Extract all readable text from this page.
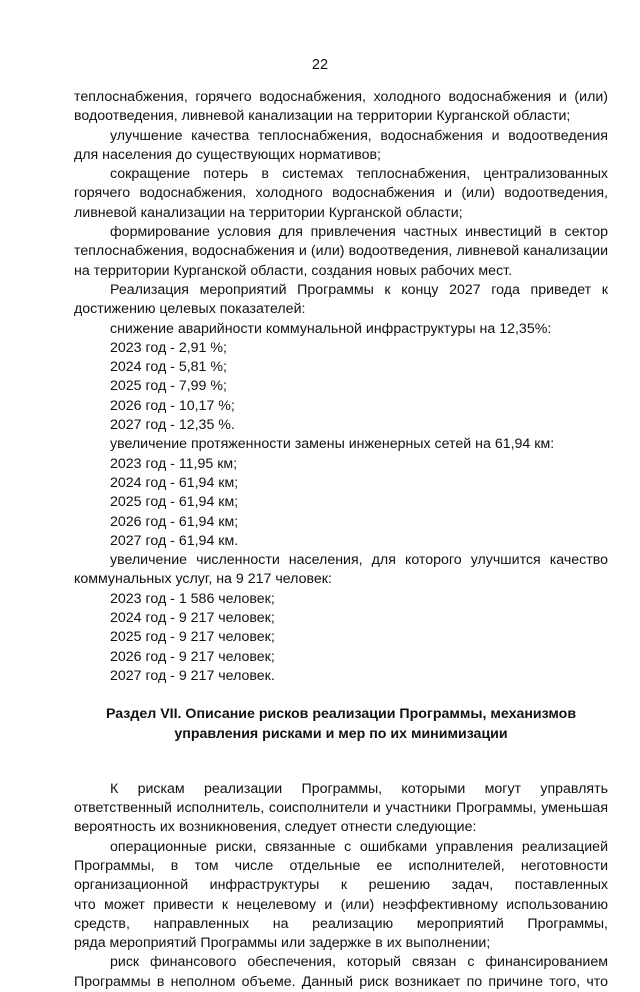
22
теплоснабжения, горячего водоснабжения, холодного водоснабжения и (или)
водоотведения, ливневой канализации на территории Курганской области;
улучшение качества теплоснабжения, водоснабжения и водоотведения
для населения до существующих нормативов;
сокращение потерь в системах теплоснабжения, централизованных
горячего водоснабжения, холодного водоснабжения и (или) водоотведения,
ливневой канализации на территории Курганской области;
формирование условия для привлечения частных инвестиций в сектор
теплоснабжения, водоснабжения и (или) водоотведения, ливневой канализации
на территории Курганской области, создания новых рабочих мест.
Реализация мероприятий Программы к концу 2027 года приведет к
достижению целевых показателей:
снижение аварийности коммунальной инфраструктуры на 12,35%:
2023 год - 2,91 %;
2024 год - 5,81 %;
2025 год - 7,99 %;
2026 год - 10,17 %;
2027 год - 12,35 %.
увеличение протяженности замены инженерных сетей на 61,94 км:
2023 год - 11,95 км;
2024 год - 61,94 км;
2025 год - 61,94 км;
2026 год - 61,94 км;
2027 год - 61,94 км.
увеличение численности населения, для которого улучшится качество
коммунальных услуг, на 9 217 человек:
2023 год - 1 586 человек;
2024 год - 9 217 человек;
2025 год - 9 217 человек;
2026 год - 9 217 человек;
2027 год - 9 217 человек.
Раздел VII. Описание рисков реализации Программы, механизмов
управления рисками и мер по их минимизации
К рискам реализации Программы, которыми могут управлять
ответственный исполнитель, соисполнители и участники Программы, уменьшая
вероятность их возникновения, следует отнести следующие:
операционные риски, связанные с ошибками управления реализацией
Программы, в том числе отдельные ее исполнителей, неготовности
организационной инфраструктуры к решению задач, поставленных
что может привести к нецелевому и (или) неэффективному использованию
средств, направленных на реализацию мероприятий Программы,
ряда мероприятий Программы или задержке в их выполнении;
риск финансового обеспечения, который связан с финансированием
Программы в неполном объеме. Данный риск возникает по причине того, что
